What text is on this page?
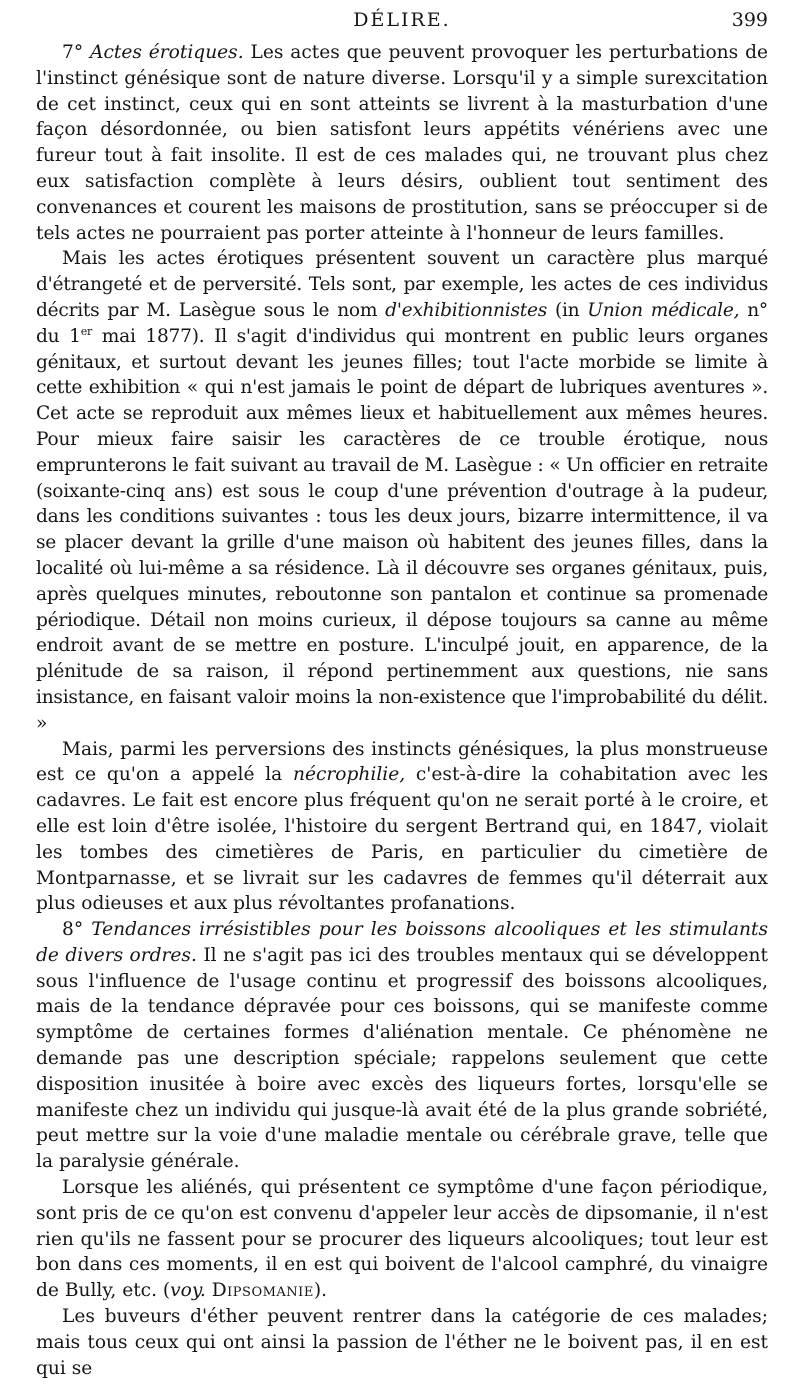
DÉLIRE.	399

7° Actes érotiques. Les actes que peuvent provoquer les perturbations de l'instinct génésique sont de nature diverse. Lorsqu'il y a simple surexcitation de cet instinct, ceux qui en sont atteints se livrent à la masturbation d'une façon désordonnée, ou bien satisfont leurs appétits vénériens avec une fureur tout à fait insolite. Il est de ces malades qui, ne trouvant plus chez eux satisfaction complète à leurs désirs, oublient tout sentiment des convenances et courent les maisons de prostitution, sans se préoccuper si de tels actes ne pourraient pas porter atteinte à l'honneur de leurs familles.

Mais les actes érotiques présentent souvent un caractère plus marqué d'étrangeté et de perversité. Tels sont, par exemple, les actes de ces individus décrits par M. Lasègue sous le nom d'exhibitionnistes (in Union médicale, n° du 1er mai 1877). Il s'agit d'individus qui montrent en public leurs organes génitaux, et surtout devant les jeunes filles; tout l'acte morbide se limite à cette exhibition « qui n'est jamais le point de départ de lubriques aventures ». Cet acte se reproduit aux mêmes lieux et habituellement aux mêmes heures. Pour mieux faire saisir les caractères de ce trouble érotique, nous emprunterons le fait suivant au travail de M. Lasègue : « Un officier en retraite (soixante-cinq ans) est sous le coup d'une prévention d'outrage à la pudeur, dans les conditions suivantes : tous les deux jours, bizarre intermittence, il va se placer devant la grille d'une maison où habitent des jeunes filles, dans la localité où lui-même a sa résidence. Là il découvre ses organes génitaux, puis, après quelques minutes, reboutonne son pantalon et continue sa promenade périodique. Détail non moins curieux, il dépose toujours sa canne au même endroit avant de se mettre en posture. L'inculpé jouit, en apparence, de la plénitude de sa raison, il répond pertinemment aux questions, nie sans insistance, en faisant valoir moins la non-existence que l'improbabilité du délit. »

Mais, parmi les perversions des instincts génésiques, la plus monstrueuse est ce qu'on a appelé la nécrophilie, c'est-à-dire la cohabitation avec les cadavres. Le fait est encore plus fréquent qu'on ne serait porté à le croire, et elle est loin d'être isolée, l'histoire du sergent Bertrand qui, en 1847, violait les tombes des cimetières de Paris, en particulier du cimetière de Montparnasse, et se livrait sur les cadavres de femmes qu'il déterrait aux plus odieuses et aux plus révoltantes profanations.

8° Tendances irrésistibles pour les boissons alcooliques et les stimulants de divers ordres. Il ne s'agit pas ici des troubles mentaux qui se développent sous l'influence de l'usage continu et progressif des boissons alcooliques, mais de la tendance dépravée pour ces boissons, qui se manifeste comme symptôme de certaines formes d'aliénation mentale. Ce phénomène ne demande pas une description spéciale; rappelons seulement que cette disposition inusitée à boire avec excès des liqueurs fortes, lorsqu'elle se manifeste chez un individu qui jusque-là avait été de la plus grande sobriété, peut mettre sur la voie d'une maladie mentale ou cérébrale grave, telle que la paralysie générale.

Lorsque les aliénés, qui présentent ce symptôme d'une façon périodique, sont pris de ce qu'on est convenu d'appeler leur accès de dipsomanie, il n'est rien qu'ils ne fassent pour se procurer des liqueurs alcooliques; tout leur est bon dans ces moments, il en est qui boivent de l'alcool camphré, du vinaigre de Bully, etc. (voy. Dipsomanie).

Les buveurs d'éther peuvent rentrer dans la catégorie de ces malades; mais tous ceux qui ont ainsi la passion de l'éther ne le boivent pas, il en est qui se
